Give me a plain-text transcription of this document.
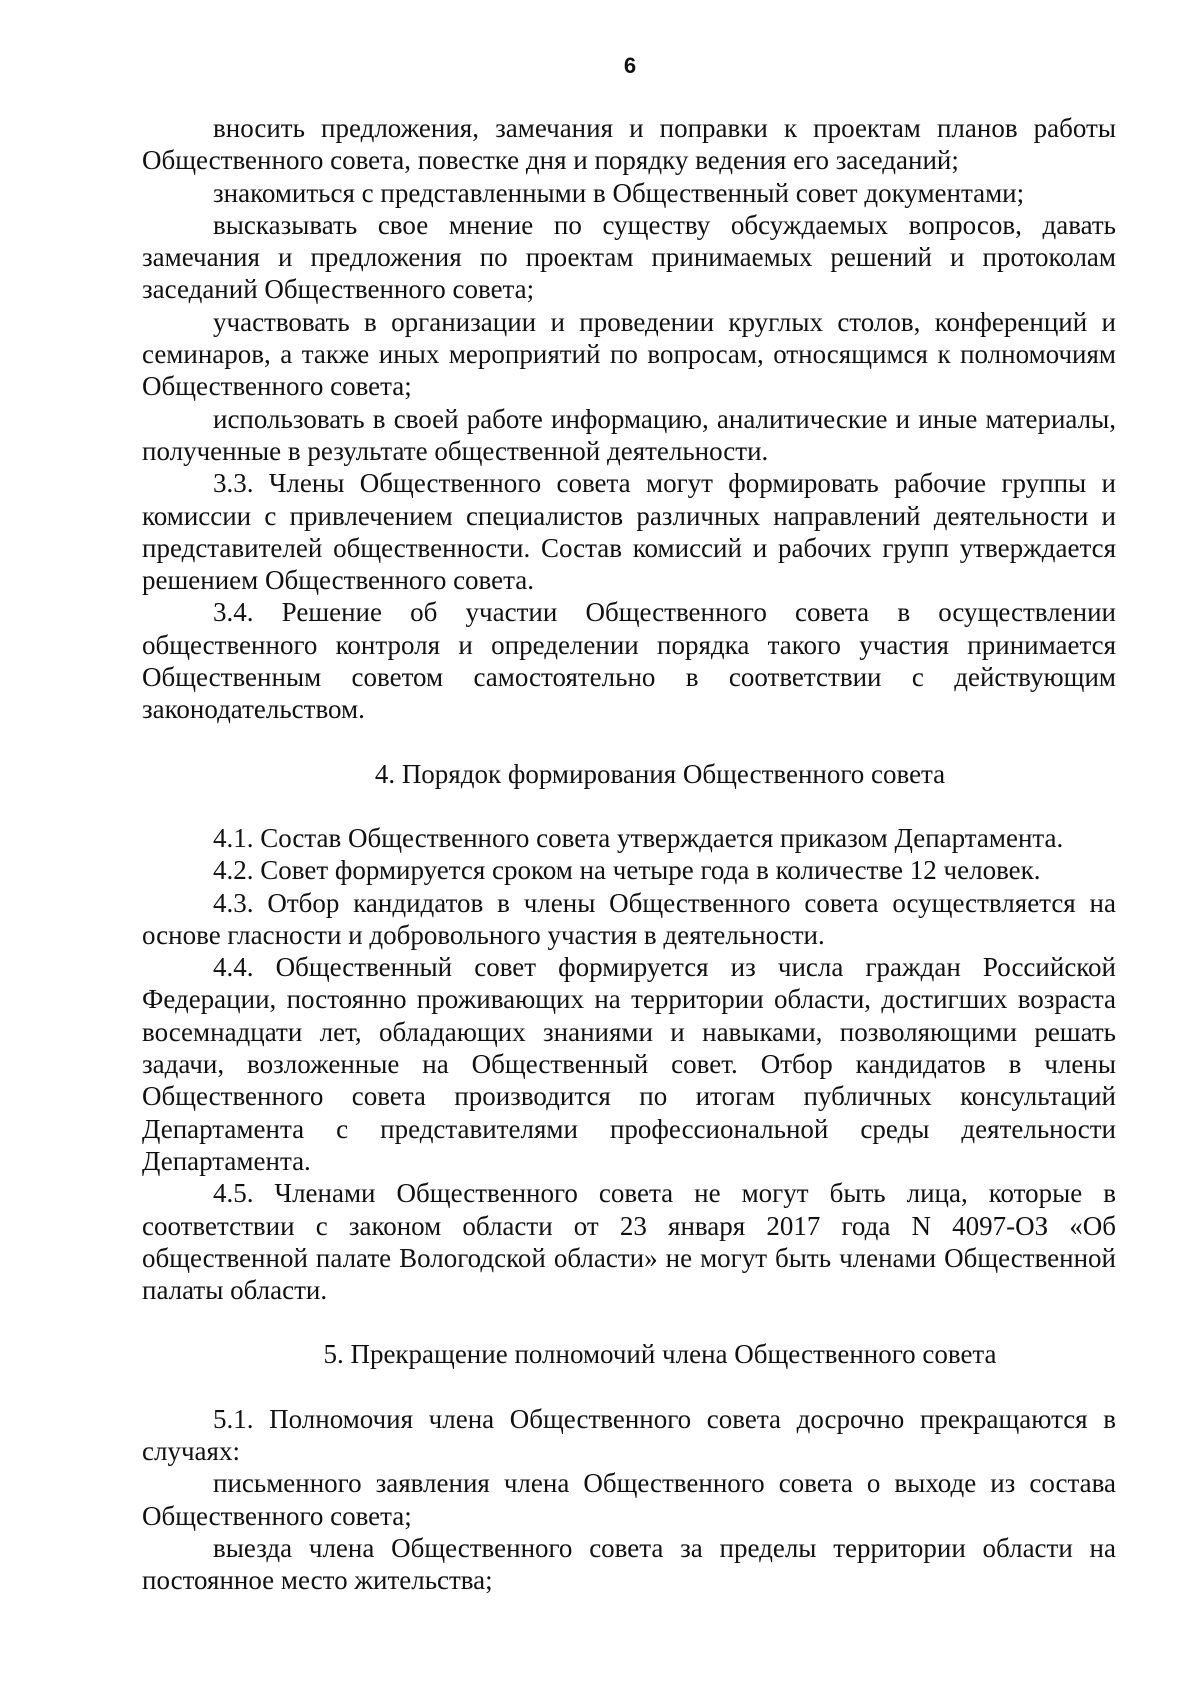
6

вносить предложения, замечания и поправки к проектам планов работы Общественного совета, повестке дня и порядку ведения его заседаний;

знакомиться с представленными в Общественный совет документами;

высказывать свое мнение по существу обсуждаемых вопросов, давать замечания и предложения по проектам принимаемых решений и протоколам заседаний Общественного совета;

участвовать в организации и проведении круглых столов, конференций и семинаров, а также иных мероприятий по вопросам, относящимся к полномочиям Общественного совета;

использовать в своей работе информацию, аналитические и иные материалы, полученные в результате общественной деятельности.

3.3. Члены Общественного совета могут формировать рабочие группы и комиссии с привлечением специалистов различных направлений деятельности и представителей общественности. Состав комиссий и рабочих групп утверждается решением Общественного совета.

3.4. Решение об участии Общественного совета в осуществлении общественного контроля и определении порядка такого участия принимается Общественным советом самостоятельно в соответствии с действующим законодательством.

4. Порядок формирования Общественного совета

4.1. Состав Общественного совета утверждается приказом Департамента.

4.2. Совет формируется сроком на четыре года в количестве 12 человек.

4.3. Отбор кандидатов в члены Общественного совета осуществляется на основе гласности и добровольного участия в деятельности.

4.4. Общественный совет формируется из числа граждан Российской Федерации, постоянно проживающих на территории области, достигших возраста восемнадцати лет, обладающих знаниями и навыками, позволяющими решать задачи, возложенные на Общественный совет. Отбор кандидатов в члены Общественного совета производится по итогам публичных консультаций Департамента с представителями профессиональной среды деятельности Департамента.

4.5. Членами Общественного совета не могут быть лица, которые в соответствии с законом области от 23 января 2017 года N 4097-ОЗ «Об общественной палате Вологодской области» не могут быть членами Общественной палаты области.

5. Прекращение полномочий члена Общественного совета

5.1. Полномочия члена Общественного совета досрочно прекращаются в случаях:

письменного заявления члена Общественного совета о выходе из состава Общественного совета;

выезда члена Общественного совета за пределы территории области на постоянное место жительства;
